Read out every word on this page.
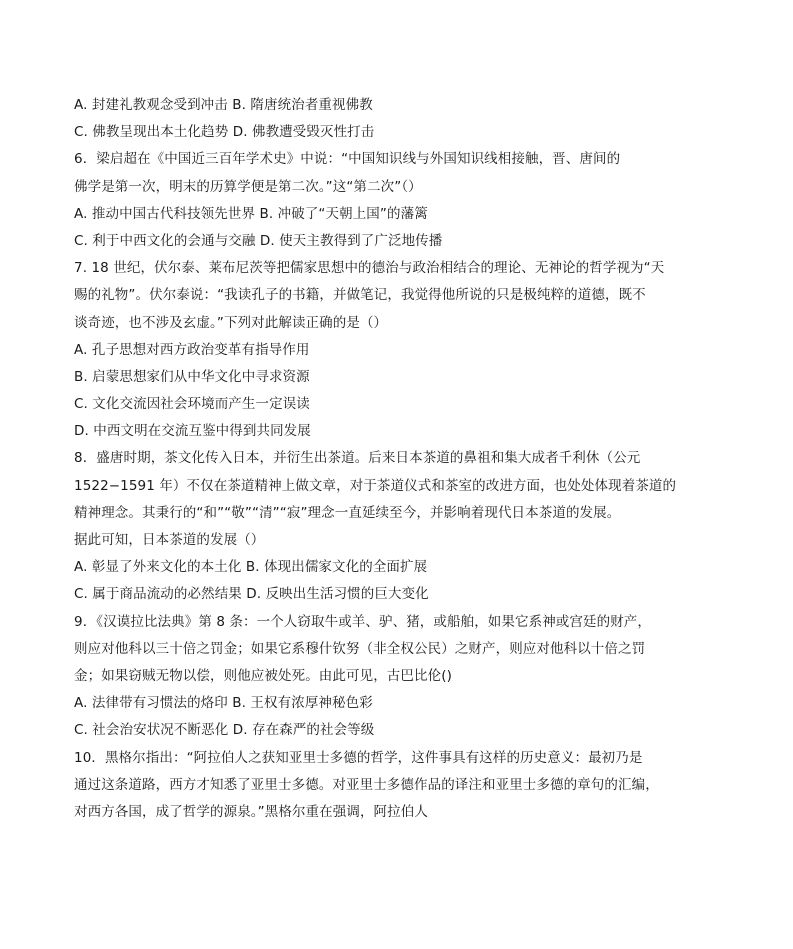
A. 封建礼教观念受到冲击 B. 隋唐统治者重视佛教
C. 佛教呈现出本土化趋势 D. 佛教遭受毁灭性打击
6．梁启超在《中国近三百年学术史》中说：“中国知识线与外国知识线相接触，晋、唐间的
佛学是第一次，明末的历算学便是第二次。”这“第二次”（）
A. 推动中国古代科技领先世界 B. 冲破了“天朝上国”的藩篱
C. 利于中西文化的会通与交融 D. 使天主教得到了广泛地传播
7. 18 世纪，伏尔泰、莱布尼茨等把儒家思想中的德治与政治相结合的理论、无神论的哲学视为“天
赐的礼物”。伏尔泰说：“我读孔子的书籍，并做笔记，我觉得他所说的只是极纯粹的道德，既不
谈奇迹，也不涉及玄虚。”下列对此解读正确的是（）
A. 孔子思想对西方政治变革有指导作用
B. 启蒙思想家们从中华文化中寻求资源
C. 文化交流因社会环境而产生一定误读
D. 中西文明在交流互鉴中得到共同发展
8．盛唐时期，茶文化传入日本，并衍生出茶道。后来日本茶道的鼻祖和集大成者千利休（公元
1522−1591 年）不仅在茶道精神上做文章，对于茶道仪式和茶室的改进方面，也处处体现着茶道的
精神理念。其秉行的“和”“敬”“清”“寂”理念一直延续至今，并影响着现代日本茶道的发展。
据此可知，日本茶道的发展（）
A. 彰显了外来文化的本土化 B. 体现出儒家文化的全面扩展
C. 属于商品流动的必然结果 D. 反映出生活习惯的巨大变化
9．《汉谟拉比法典》第 8 条：一个人窃取牛或羊、驴、猪，或船舶，如果它系神或宫廷的财产，
则应对他科以三十倍之罚金；如果它系穆什钦努（非全权公民）之财产，则应对他科以十倍之罚
金；如果窃贼无物以偿，则他应被处死。由此可见，古巴比伦()
A. 法律带有习惯法的烙印 B. 王权有浓厚神秘色彩
C. 社会治安状况不断恶化 D. 存在森严的社会等级
10．黑格尔指出：“阿拉伯人之获知亚里士多德的哲学，这件事具有这样的历史意义：最初乃是
通过这条道路，西方才知悉了亚里士多德。对亚里士多德作品的译注和亚里士多德的章句的汇编，
对西方各国，成了哲学的源泉。”黑格尔重在强调，阿拉伯人
